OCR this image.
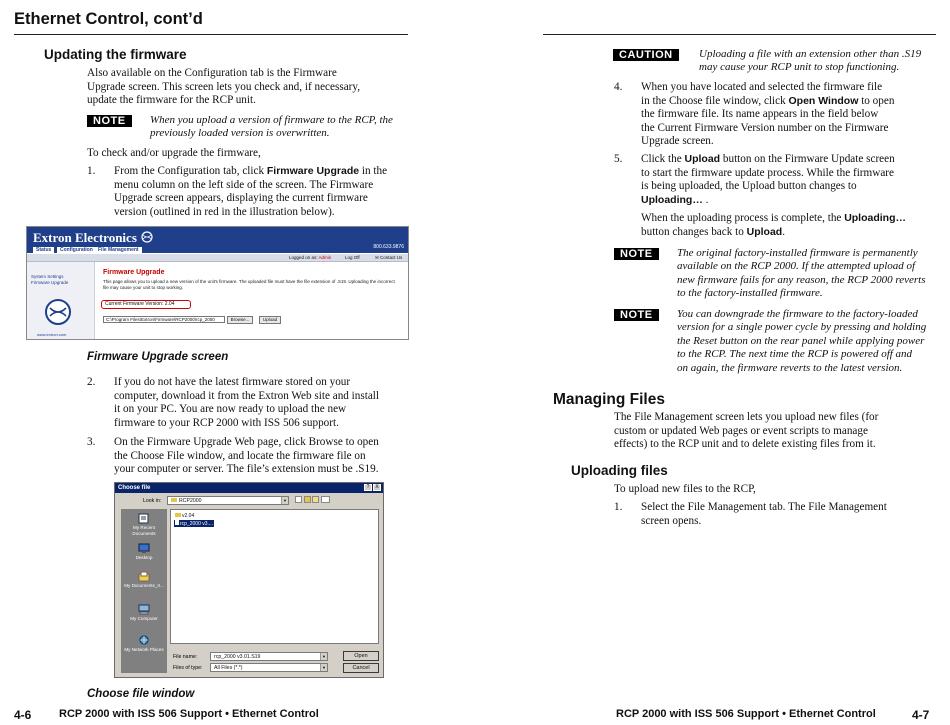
Ethernet Control, cont’d
Updating the firmware
Also available on the Configuration tab is the Firmware
Upgrade screen. This screen lets you check and, if necessary,
update the firmware for the RCP unit.
NOTE	When you upload a version of firmware to the RCP, the
previously loaded version is overwritten.
To check and/or upgrade the firmware,
1. From the Configuration tab, click Firmware Upgrade in the
menu column on the left side of the screen. The Firmware
Upgrade screen appears, displaying the current firmware
version (outlined in red in the illustration below).
Extron Electronics
800.633.9876
Status	Configuration	File Management
Logged on as: Admin	Log Off	✉ Contact Us
System Settings
Firmware Upgrade
www.extron.com
Firmware Upgrade
This page allows you to upload a new version of the unit's firmware. The uploaded file must have the file extension of .S19. Uploading the incorrect file may cause your unit to stop working.
Current Firmware Version: 2.04
C:\Program Files\Extron\Firmware\RCP2000\rcp_2000	Browse...	Upload
Firmware Upgrade screen
2. If you do not have the latest firmware stored on your
computer, download it from the Extron Web site and install
it on your PC. You are now ready to upload the new
firmware to your RCP 2000 with ISS 506 support.
3. On the Firmware Upgrade Web page, click Browse to open
the Choose File window, and locate the firmware file on
your computer or server. The file’s extension must be .S19.
Choose file	?	X
Look in:	RCP2000	▼

My Recent Documents
Desktop
My Documents_II...
My Computer
My Network Places
v2.04
rcp_2000 v3....
File name:	rcp_2000 v3.01.S19	▼
Files of type:	All Files (*.*)	▼
Open
Cancel
Choose file window
4-6	RCP 2000 with ISS 506 Support • Ethernet Control
CAUTION	Uploading a file with an extension other than .S19
may cause your RCP unit to stop functioning.
4. When you have located and selected the firmware file
in the Choose file window, click Open Window to open
the firmware file. Its name appears in the field below
the Current Firmware Version number on the Firmware
Upgrade screen.
5. Click the Upload button on the Firmware Update screen
to start the firmware update process. While the firmware
is being uploaded, the Upload button changes to
Uploading… .
When the uploading process is complete, the Uploading…
button changes back to Upload.
NOTE	The original factory-installed firmware is permanently
available on the RCP 2000. If the attempted upload of
new firmware fails for any reason, the RCP 2000 reverts
to the factory-installed firmware.
NOTE	You can downgrade the firmware to the factory-loaded
version for a single power cycle by pressing and holding
the Reset button on the rear panel while applying power
to the RCP. The next time the RCP is powered off and
on again, the firmware reverts to the latest version.
Managing Files
The File Management screen lets you upload new files (for
custom or updated Web pages or event scripts to manage
effects) to the RCP unit and to delete existing files from it.
Uploading files
To upload new files to the RCP,
1. Select the File Management tab. The File Management
screen opens.
RCP 2000 with ISS 506 Support • Ethernet Control	4-7
